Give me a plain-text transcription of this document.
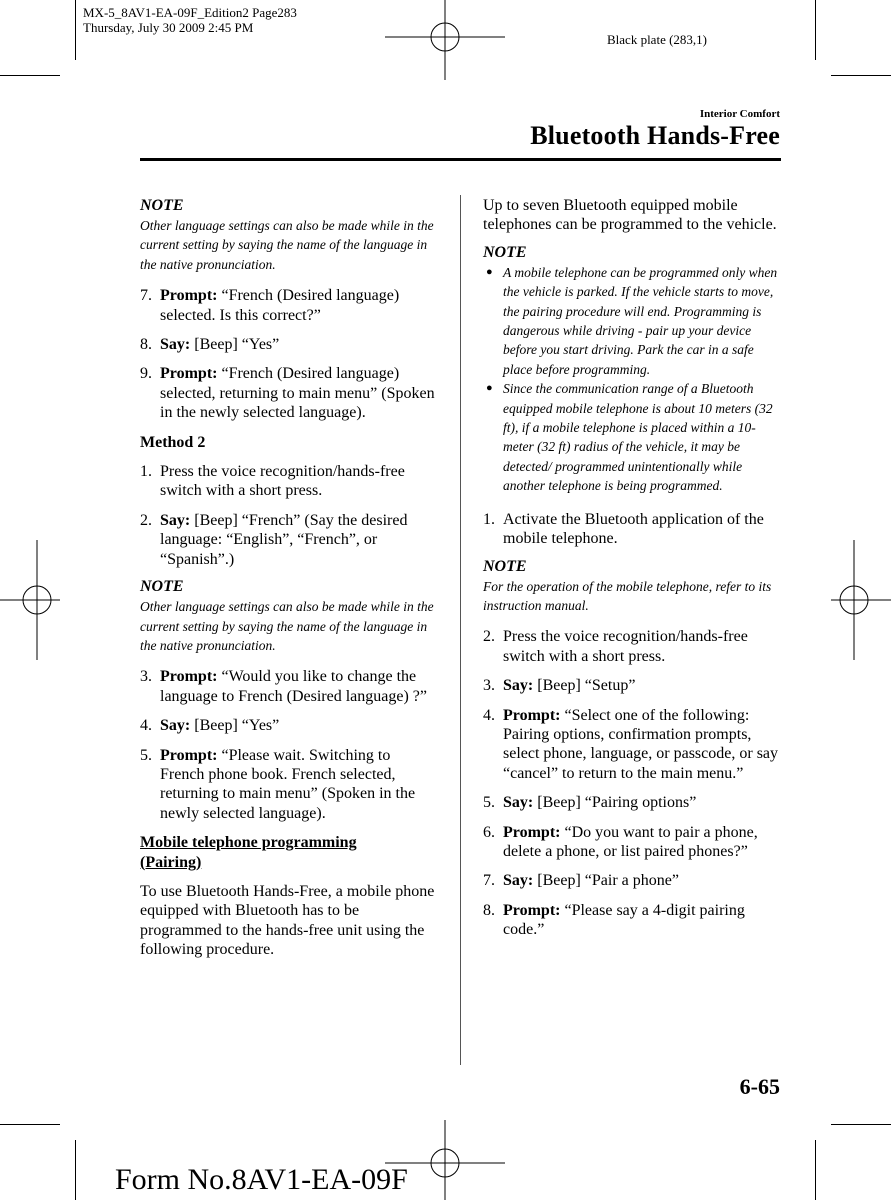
MX-5_8AV1-EA-09F_Edition2 Page283
Thursday, July 30 2009 2:45 PM
Black plate (283,1)
Interior Comfort
Bluetooth Hands-Free
NOTE
Other language settings can also be made while in the current setting by saying the name of the language in the native pronunciation.
7. Prompt: “French (Desired language) selected. Is this correct?”
8. Say: [Beep] “Yes”
9. Prompt: “French (Desired language) selected, returning to main menu” (Spoken in the newly selected language).
Method 2
1. Press the voice recognition/hands-free switch with a short press.
2. Say: [Beep] “French” (Say the desired language: “English”, “French”, or “Spanish”.)
NOTE
Other language settings can also be made while in the current setting by saying the name of the language in the native pronunciation.
3. Prompt: “Would you like to change the language to French (Desired language) ?”
4. Say: [Beep] “Yes”
5. Prompt: “Please wait. Switching to French phone book. French selected, returning to main menu” (Spoken in the newly selected language).
Mobile telephone programming (Pairing)
To use Bluetooth Hands-Free, a mobile phone equipped with Bluetooth has to be programmed to the hands-free unit using the following procedure.
Up to seven Bluetooth equipped mobile telephones can be programmed to the vehicle.
NOTE
● A mobile telephone can be programmed only when the vehicle is parked. If the vehicle starts to move, the pairing procedure will end. Programming is dangerous while driving - pair up your device before you start driving. Park the car in a safe place before programming.
● Since the communication range of a Bluetooth equipped mobile telephone is about 10 meters (32 ft), if a mobile telephone is placed within a 10-meter (32 ft) radius of the vehicle, it may be detected/ programmed unintentionally while another telephone is being programmed.
1. Activate the Bluetooth application of the mobile telephone.
NOTE
For the operation of the mobile telephone, refer to its instruction manual.
2. Press the voice recognition/hands-free switch with a short press.
3. Say: [Beep] “Setup”
4. Prompt: “Select one of the following: Pairing options, confirmation prompts, select phone, language, or passcode, or say “cancel” to return to the main menu.”
5. Say: [Beep] “Pairing options”
6. Prompt: “Do you want to pair a phone, delete a phone, or list paired phones?”
7. Say: [Beep] “Pair a phone”
8. Prompt: “Please say a 4-digit pairing code.”
6-65
Form No.8AV1-EA-09F
